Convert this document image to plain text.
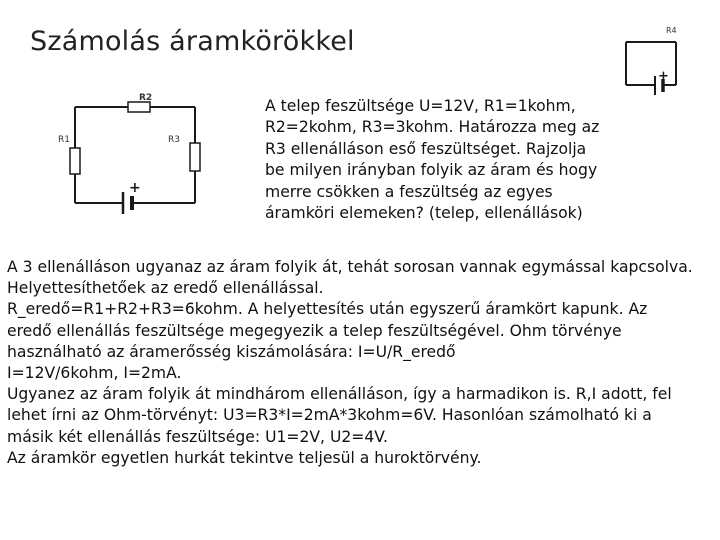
Számolás áramkörökkel
+
R2
R1	R3
+
R4
A telep feszültsége U=12V, R1=1kohm,
R2=2kohm, R3=3kohm. Határozza meg az
R3 ellenálláson eső feszültséget. Rajzolja
be milyen irányban folyik az áram és hogy
merre csökken a feszültség az egyes
áramköri elemeken? (telep, ellenállások)

A 3 ellenálláson ugyanaz az áram folyik át, tehát sorosan vannak egymással kapcsolva.

Helyettesíthetőek az eredő ellenállással.

R_eredő=R1+R2+R3=6kohm. A helyettesítés után egyszerű áramkört kapunk. Az

eredő ellenállás feszültsége megegyezik a telep feszültségével. Ohm törvénye

használható az áramerősség kiszámolására: I=U/R_eredő

I=12V/6kohm, I=2mA.

Ugyanez az áram folyik át mindhárom ellenálláson, így a harmadikon is. R,I adott, fel

lehet írni az Ohm-törvényt: U3=R3*I=2mA*3kohm=6V. Hasonlóan számolható ki a

másik két ellenállás feszültsége: U1=2V, U2=4V.

Az áramkör egyetlen hurkát tekintve teljesül a huroktörvény.
